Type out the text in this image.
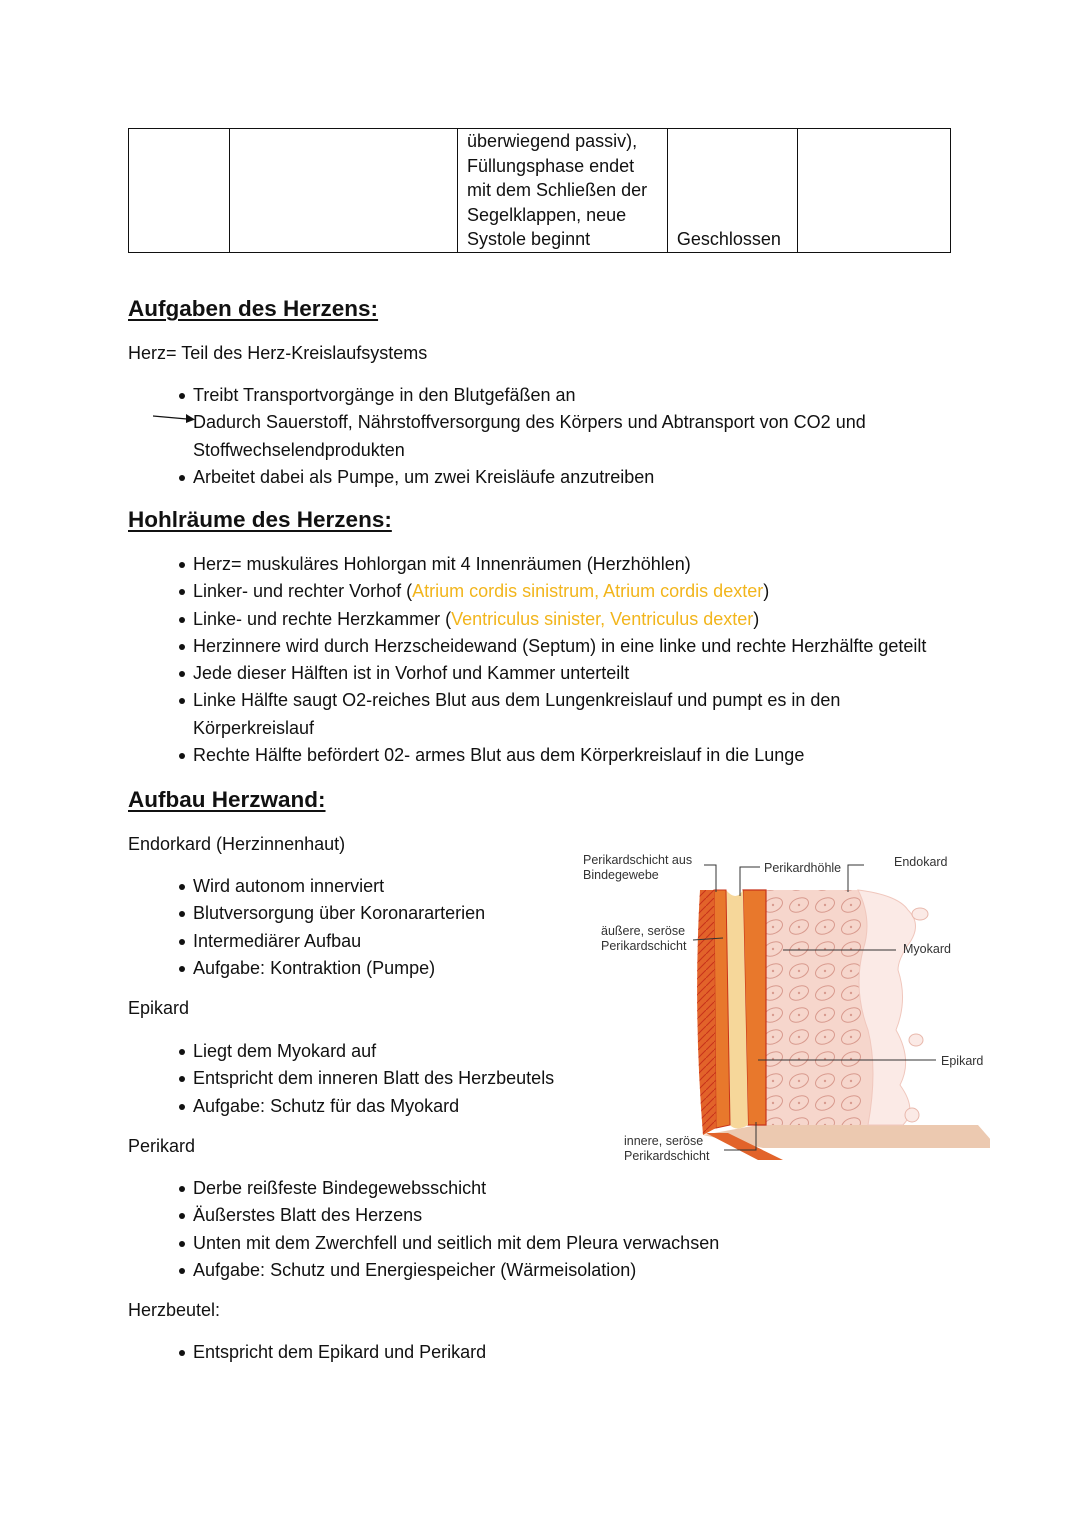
überwiegend passiv),
Füllungsphase endet
mit dem Schließen der
Segelklappen, neue
Systole beginnt	Geschlossen	
Aufgaben des Herzens:
Herz= Teil des Herz-Kreislaufsystems
Treibt Transportvorgänge in den Blutgefäßen an
Dadurch Sauerstoff, Nährstoffversorgung des Körpers und Abtransport von CO2 und
Stoffwechselendprodukten
Arbeitet dabei als Pumpe, um zwei Kreisläufe anzutreiben
Hohlräume des Herzens:
Herz= muskuläres Hohlorgan mit 4 Innenräumen (Herzhöhlen)
Linker- und rechter Vorhof (Atrium cordis sinistrum, Atrium cordis dexter)
Linke- und rechte Herzkammer (Ventriculus sinister, Ventriculus dexter)
Herzinnere wird durch Herzscheidewand (Septum) in eine linke und rechte Herzhälfte geteilt
Jede dieser Hälften ist in Vorhof und Kammer unterteilt
Linke Hälfte saugt O2-reiches Blut aus dem Lungenkreislauf und pumpt es in den
Körperkreislauf
Rechte Hälfte befördert 02- armes Blut aus dem Körperkreislauf in die Lunge
Aufbau Herzwand:
Endorkard (Herzinnenhaut)
Wird autonom innerviert
Blutversorgung über Koronararterien
Intermediärer Aufbau
Aufgabe: Kontraktion (Pumpe)
Epikard
Liegt dem Myokard auf
Entspricht dem inneren Blatt des Herzbeutels
Aufgabe: Schutz für das Myokard
Perikard
Derbe reißfeste Bindegewebsschicht
Äußerstes Blatt des Herzens
Unten mit dem Zwerchfell und seitlich mit dem Pleura verwachsen
Aufgabe: Schutz und Energiespeicher (Wärmeisolation)
Herzbeutel:
Entspricht dem Epikard und Perikard
Perikardschicht aus
Bindegewebe	Perikardhöhle	Endokard
äußere, seröse
Perikardschicht	Myokard
Epikard
innere, seröse
Perikardschicht
